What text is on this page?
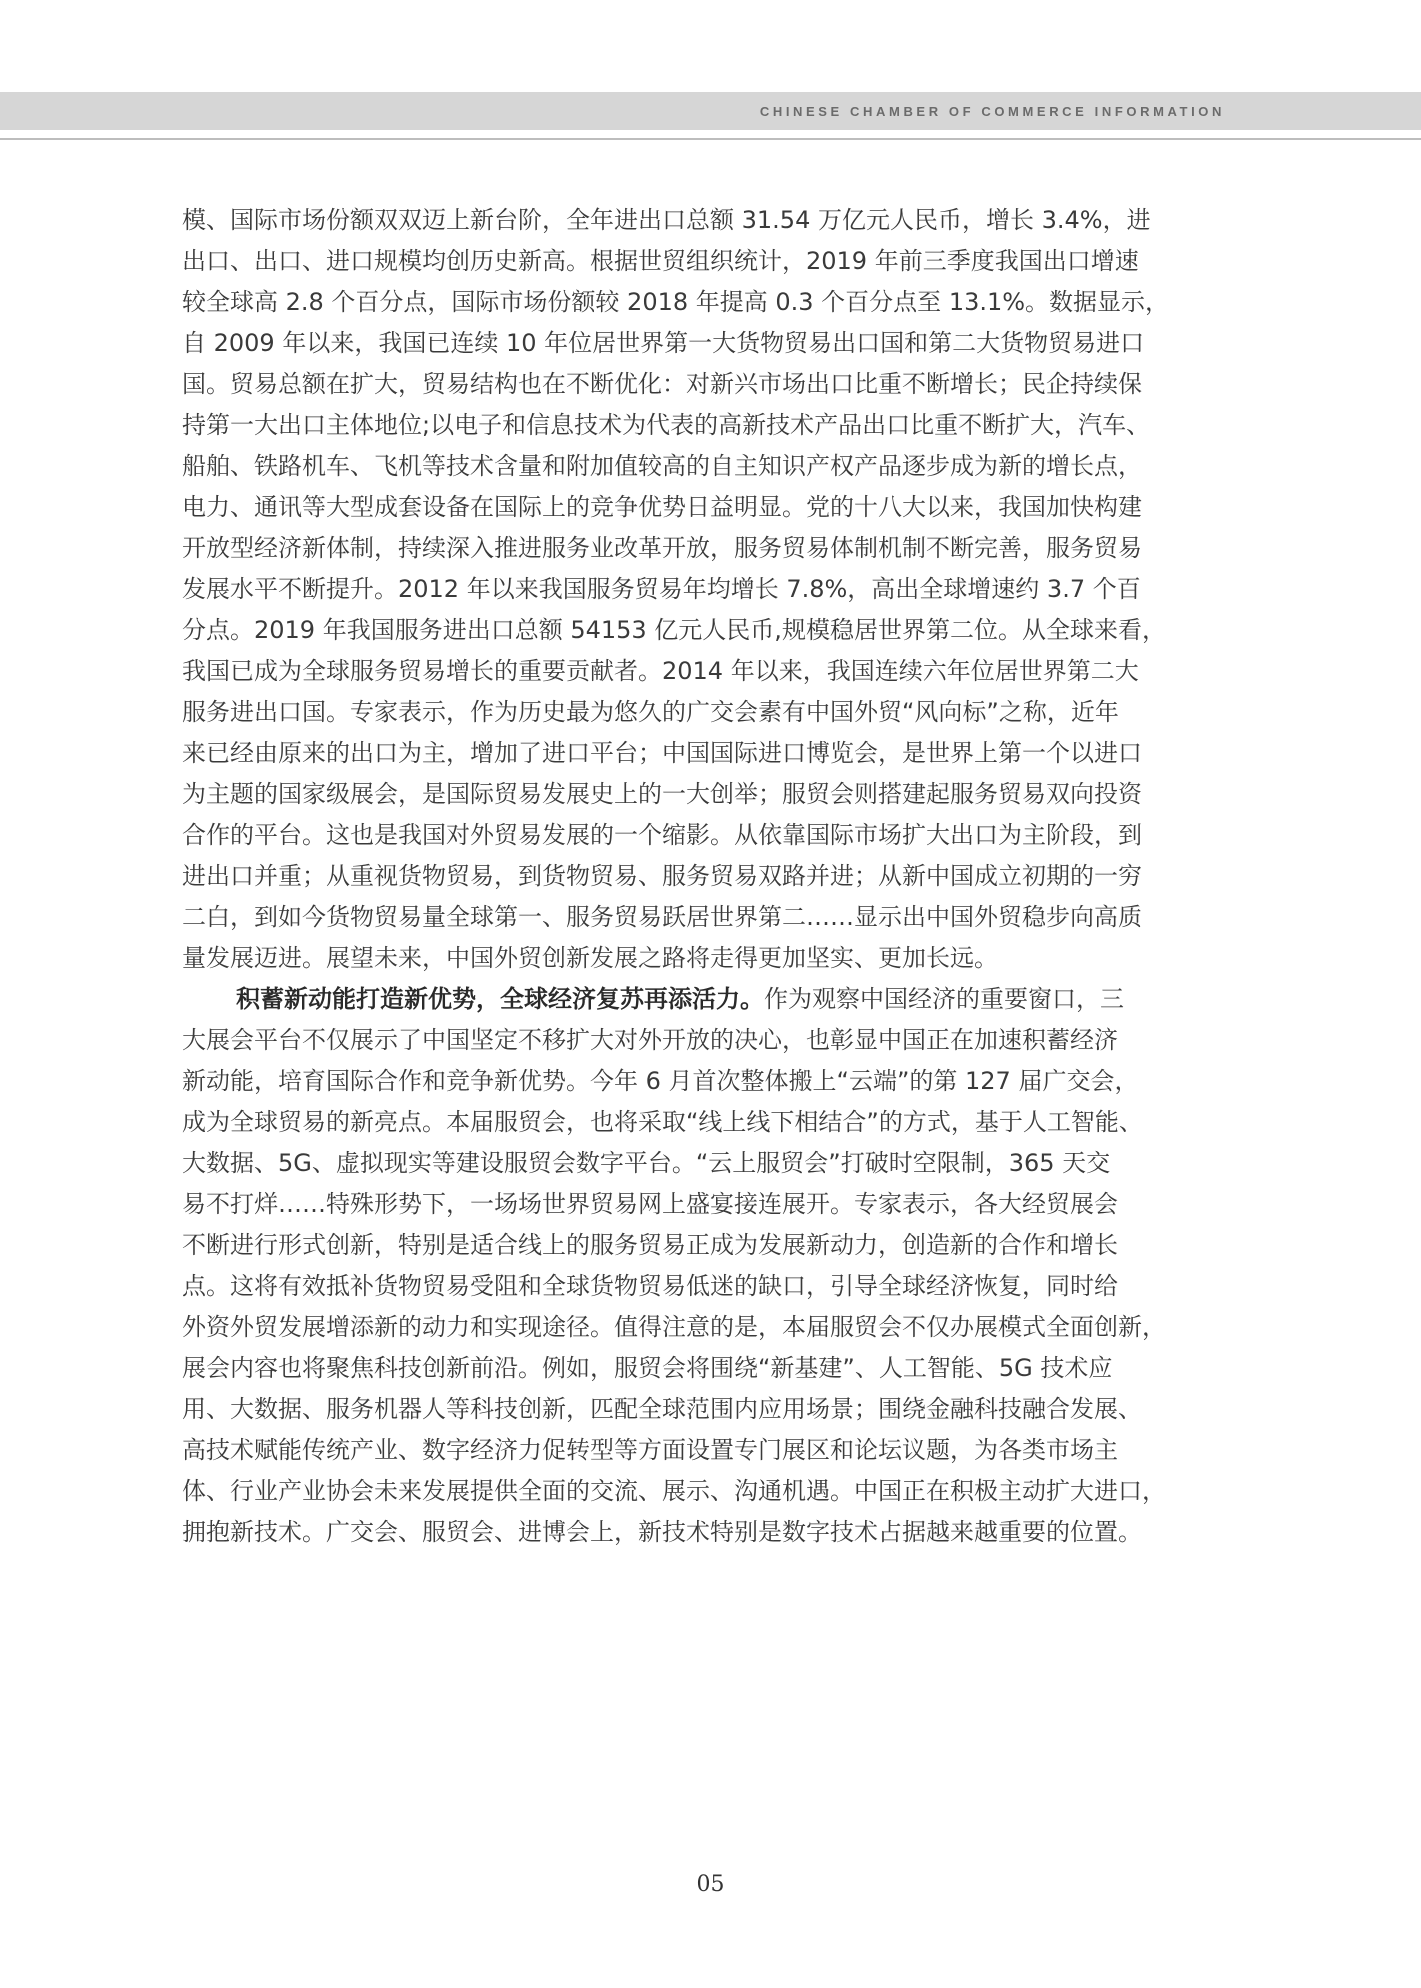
CHINESE CHAMBER OF COMMERCE INFORMATION
模、国际市场份额双双迈上新台阶，全年进出口总额 31.54 万亿元人民币，增长 3.4%，进
出口、出口、进口规模均创历史新高。根据世贸组织统计，2019 年前三季度我国出口增速
较全球高 2.8 个百分点，国际市场份额较 2018 年提高 0.3 个百分点至 13.1%。数据显示，
自 2009 年以来，我国已连续 10 年位居世界第一大货物贸易出口国和第二大货物贸易进口
国。贸易总额在扩大，贸易结构也在不断优化：对新兴市场出口比重不断增长；民企持续保
持第一大出口主体地位;以电子和信息技术为代表的高新技术产品出口比重不断扩大，汽车、
船舶、铁路机车、飞机等技术含量和附加值较高的自主知识产权产品逐步成为新的增长点，
电力、通讯等大型成套设备在国际上的竞争优势日益明显。党的十八大以来，我国加快构建
开放型经济新体制，持续深入推进服务业改革开放，服务贸易体制机制不断完善，服务贸易
发展水平不断提升。2012 年以来我国服务贸易年均增长 7.8%，高出全球增速约 3.7 个百
分点。2019 年我国服务进出口总额 54153 亿元人民币,规模稳居世界第二位。从全球来看，
我国已成为全球服务贸易增长的重要贡献者。2014 年以来，我国连续六年位居世界第二大
服务进出口国。专家表示，作为历史最为悠久的广交会素有中国外贸“风向标”之称，近年
来已经由原来的出口为主，增加了进口平台；中国国际进口博览会，是世界上第一个以进口
为主题的国家级展会，是国际贸易发展史上的一大创举；服贸会则搭建起服务贸易双向投资
合作的平台。这也是我国对外贸易发展的一个缩影。从依靠国际市场扩大出口为主阶段，到
进出口并重；从重视货物贸易，到货物贸易、服务贸易双路并进；从新中国成立初期的一穷
二白，到如今货物贸易量全球第一、服务贸易跃居世界第二……显示出中国外贸稳步向高质
量发展迈进。展望未来，中国外贸创新发展之路将走得更加坚实、更加长远。
积蓄新动能打造新优势，全球经济复苏再添活力。作为观察中国经济的重要窗口，三
大展会平台不仅展示了中国坚定不移扩大对外开放的决心，也彰显中国正在加速积蓄经济
新动能，培育国际合作和竞争新优势。今年 6 月首次整体搬上“云端”的第 127 届广交会，
成为全球贸易的新亮点。本届服贸会，也将采取“线上线下相结合”的方式，基于人工智能、
大数据、5G、虚拟现实等建设服贸会数字平台。“云上服贸会”打破时空限制，365 天交
易不打烊……特殊形势下，一场场世界贸易网上盛宴接连展开。专家表示，各大经贸展会
不断进行形式创新，特别是适合线上的服务贸易正成为发展新动力，创造新的合作和增长
点。这将有效抵补货物贸易受阻和全球货物贸易低迷的缺口，引导全球经济恢复，同时给
外资外贸发展增添新的动力和实现途径。值得注意的是，本届服贸会不仅办展模式全面创新，
展会内容也将聚焦科技创新前沿。例如，服贸会将围绕“新基建”、人工智能、5G 技术应
用、大数据、服务机器人等科技创新，匹配全球范围内应用场景；围绕金融科技融合发展、
高技术赋能传统产业、数字经济力促转型等方面设置专门展区和论坛议题，为各类市场主
体、行业产业协会未来发展提供全面的交流、展示、沟通机遇。中国正在积极主动扩大进口，
拥抱新技术。广交会、服贸会、进博会上，新技术特别是数字技术占据越来越重要的位置。
05
